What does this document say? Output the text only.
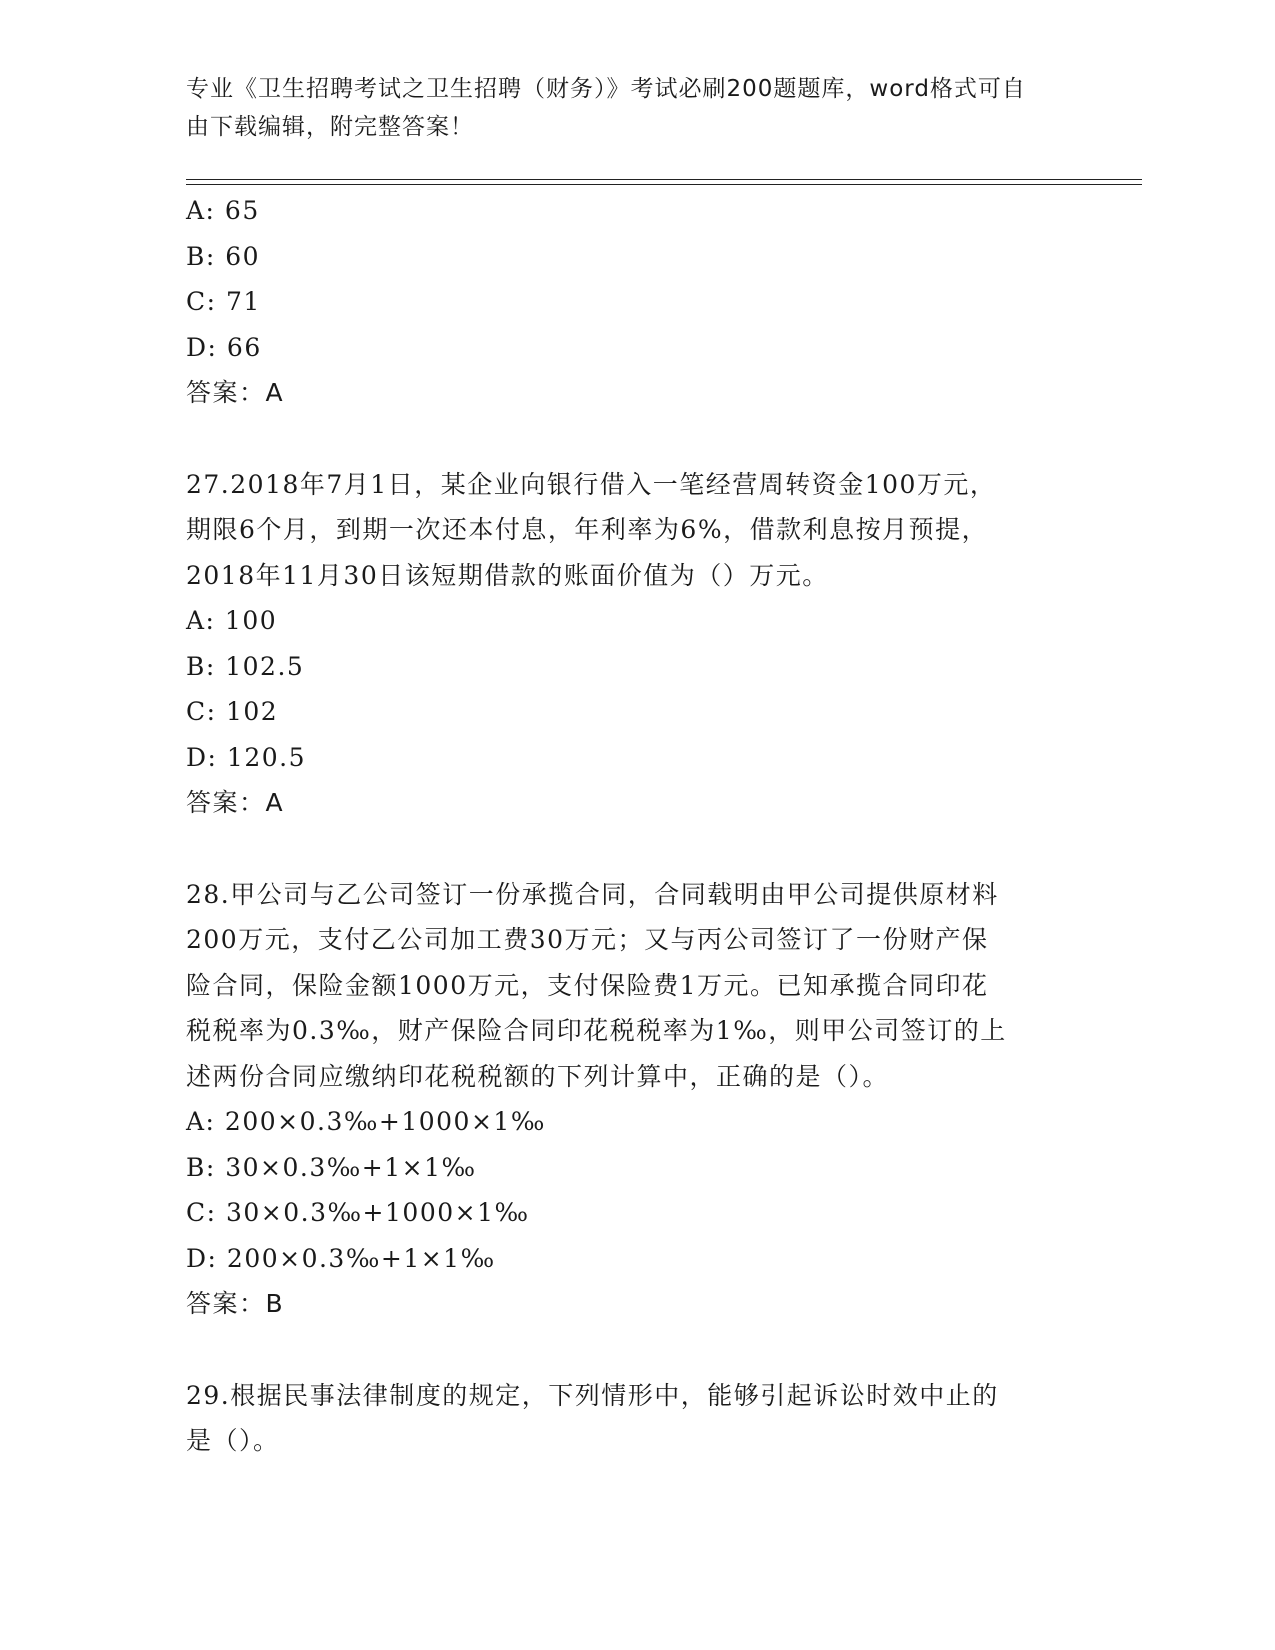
专业《卫生招聘考试之卫生招聘（财务）》考试必刷200题题库，word格式可自
由下载编辑，附完整答案！
A: 65
B: 60
C: 71
D: 66
答案：A
27.2018年7月1日，某企业向银行借入一笔经营周转资金100万元，
期限6个月，到期一次还本付息，年利率为6%，借款利息按月预提，
2018年11月30日该短期借款的账面价值为（）万元。
A: 100
B: 102.5
C: 102
D: 120.5
答案：A
28.甲公司与乙公司签订一份承揽合同，合同载明由甲公司提供原材料
200万元，支付乙公司加工费30万元；又与丙公司签订了一份财产保
险合同，保险金额1000万元，支付保险费1万元。已知承揽合同印花
税税率为0.3‰，财产保险合同印花税税率为1‰，则甲公司签订的上
述两份合同应缴纳印花税税额的下列计算中，正确的是（）。
A: 200×0.3‰+1000×1‰
B: 30×0.3‰+1×1‰
C: 30×0.3‰+1000×1‰
D: 200×0.3‰+1×1‰
答案：B
29.根据民事法律制度的规定，下列情形中，能够引起诉讼时效中止的
是（）。
